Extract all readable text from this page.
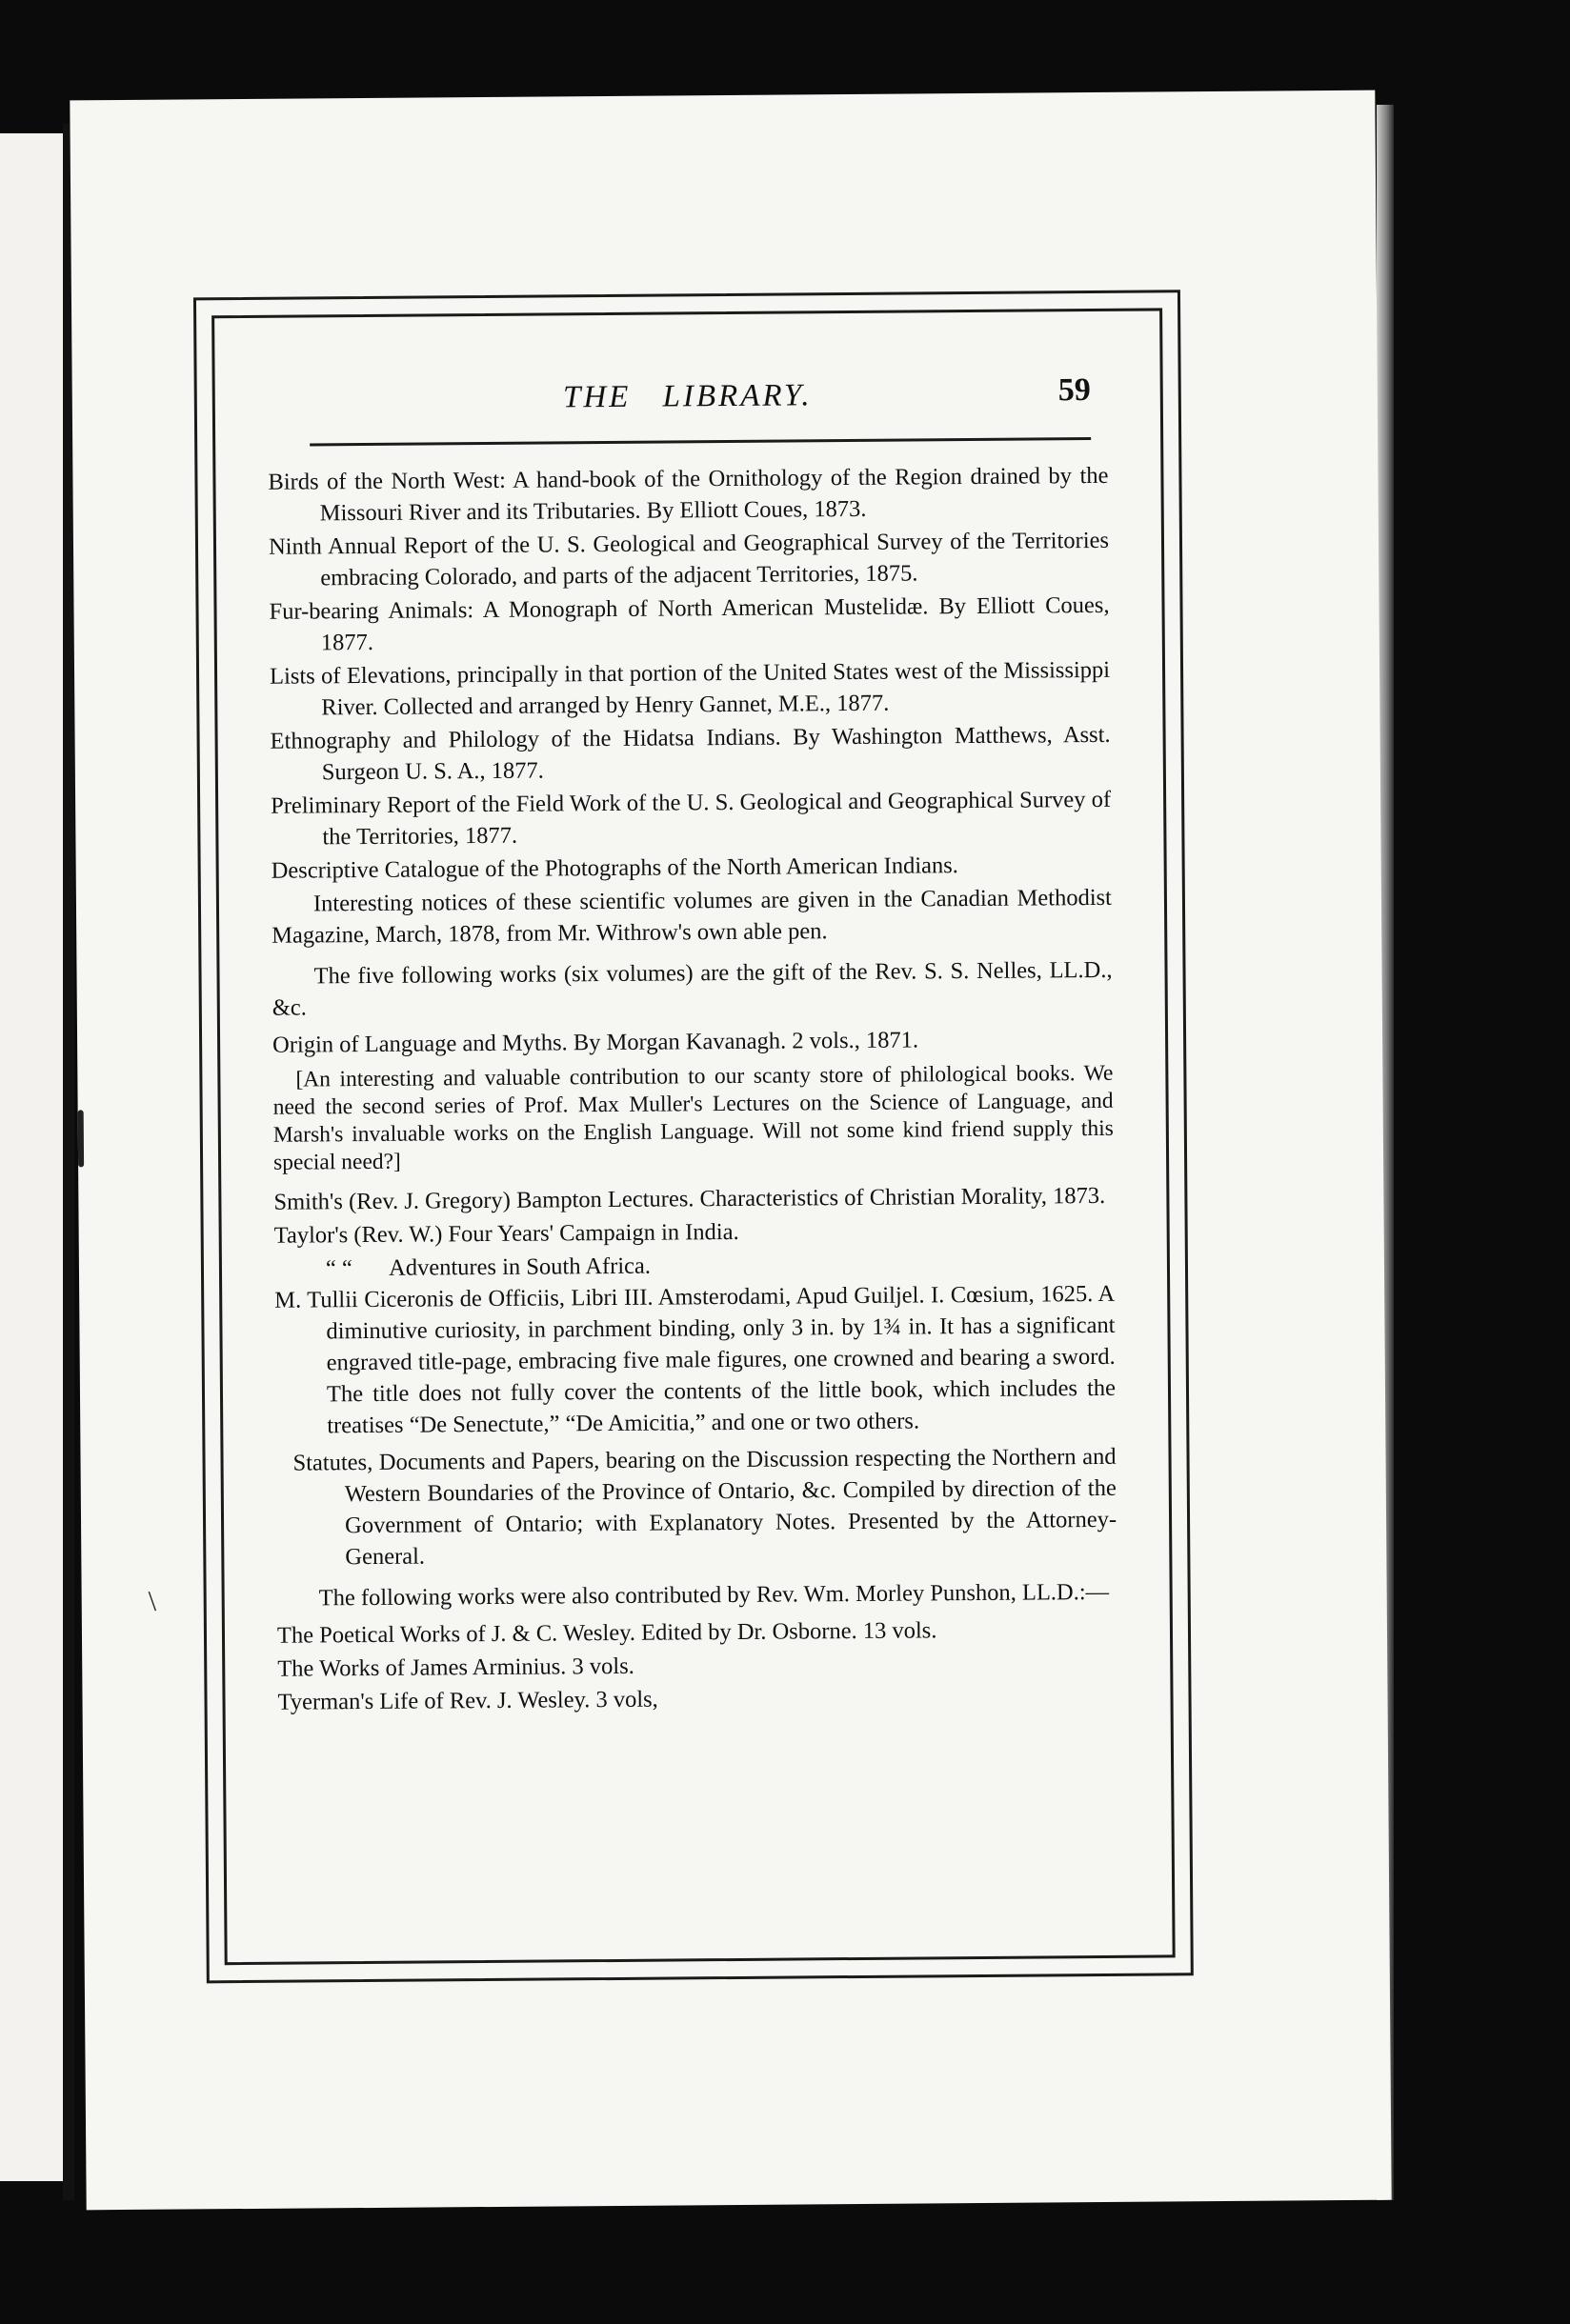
\
THE LIBRARY.	59

Birds of the North West: A hand-book of the Ornithology of the Region drained by the Missouri River and its Tributaries. By Elliott Coues, 1873.

Ninth Annual Report of the U. S. Geological and Geographical Survey of the Territories embracing Colorado, and parts of the adjacent Territories, 1875.

Fur-bearing Animals: A Monograph of North American Mustelidæ. By Elliott Coues, 1877.

Lists of Elevations, principally in that portion of the United States west of the Mississippi River. Collected and arranged by Henry Gannet, M.E., 1877.

Ethnography and Philology of the Hidatsa Indians. By Washington Matthews, Asst. Surgeon U. S. A., 1877.

Preliminary Report of the Field Work of the U. S. Geological and Geographical Survey of the Territories, 1877.

Descriptive Catalogue of the Photographs of the North American Indians.

Interesting notices of these scientific volumes are given in the Canadian Methodist Magazine, March, 1878, from Mr. Withrow's own able pen.

The five following works (six volumes) are the gift of the Rev. S. S. Nelles, LL.D., &c.

Origin of Language and Myths. By Morgan Kavanagh. 2 vols., 1871.

[An interesting and valuable contribution to our scanty store of philological books. We need the second series of Prof. Max Muller's Lectures on the Science of Language, and Marsh's invaluable works on the English Language. Will not some kind friend supply this special need?]

Smith's (Rev. J. Gregory) Bampton Lectures. Characteristics of Christian Morality, 1873.

Taylor's (Rev. W.) Four Years' Campaign in India.

“ “ Adventures in South Africa.

M. Tullii Ciceronis de Officiis, Libri III. Amsterodami, Apud Guiljel. I. Cœsium, 1625. A diminutive curiosity, in parchment binding, only 3 in. by 1¾ in. It has a significant engraved title-page, embracing five male figures, one crowned and bearing a sword. The title does not fully cover the contents of the little book, which includes the treatises “De Senectute,” “De Amicitia,” and one or two others.

Statutes, Documents and Papers, bearing on the Discussion respecting the Northern and Western Boundaries of the Province of Ontario, &c. Compiled by direction of the Government of Ontario; with Explanatory Notes. Presented by the Attorney-General.

The following works were also contributed by Rev. Wm. Morley Punshon, LL.D.:—

The Poetical Works of J. & C. Wesley. Edited by Dr. Osborne. 13 vols.

The Works of James Arminius. 3 vols.

Tyerman's Life of Rev. J. Wesley. 3 vols,
